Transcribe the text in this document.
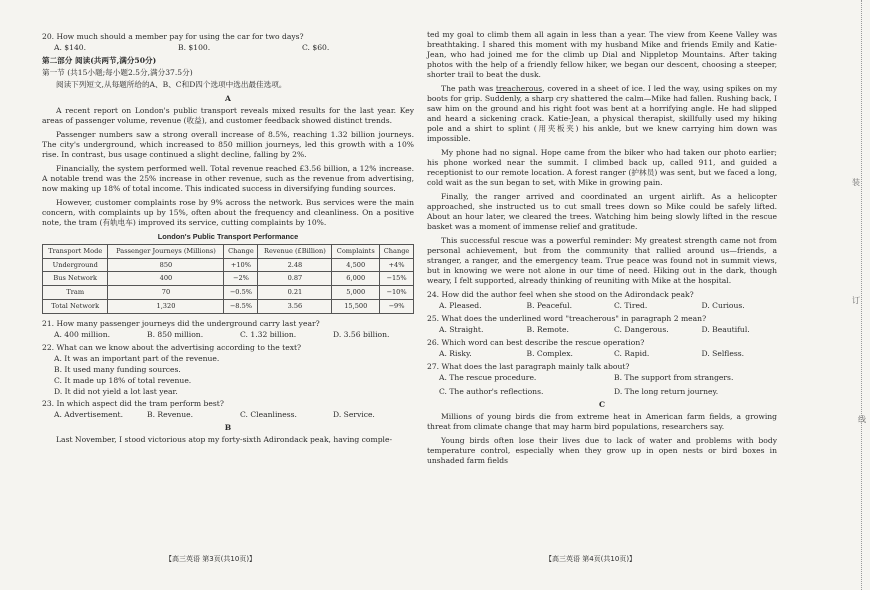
20. How much should a member pay for using the car for two days?

A. $140.	B. $100.	C. $60.

第二部分 阅读(共两节,满分50分)

第一节 (共15小题;每小题2.5分,满分37.5分)

阅读下列短文,从每题所给的A、B、C和D四个选项中选出最佳选项。

A

A recent report on London's public transport reveals mixed results for the last year. Key areas of passenger volume, revenue (收益), and customer feedback showed distinct trends.

Passenger numbers saw a strong overall increase of 8.5%, reaching 1.32 billion journeys. The city's underground, which increased to 850 million journeys, led this growth with a 10% rise. In contrast, bus usage continued a slight decline, falling by 2%.

Financially, the system performed well. Total revenue reached £3.56 billion, a 12% increase. A notable trend was the 25% increase in other revenue, such as the revenue from advertising, now making up 18% of total income. This indicated success in diversifying funding sources.

However, customer complaints rose by 9% across the network. Bus services were the main concern, with complaints up by 15%, often about the frequency and cleanliness. On a positive note, the tram (有轨电车) improved its service, cutting complaints by 10%.

London's Public Transport Performance
Transport Mode	Passenger Journeys (Millions)	Change	Revenue (£Billion)	Complaints	Change
Underground	850	+10%	2.48	4,500	+4%
Bus Network	400	−2%	0.87	6,000	−15%
Tram	70	−0.5%	0.21	5,000	−10%
Total Network	1,320	−8.5%	3.56	15,500	−9%

21. How many passenger journeys did the underground carry last year?

A. 400 million.	B. 850 million.	C. 1.32 billion.	D. 3.56 billion.

22. What can we know about the advertising according to the text?

A. It was an important part of the revenue.
B. It used many funding sources.
C. It made up 18% of total revenue.
D. It did not yield a lot last year.

23. In which aspect did the tram perform best?

A. Advertisement.	B. Revenue.	C. Cleanliness.	D. Service.
B

Last November, I stood victorious atop my forty-sixth Adirondack peak, having comple-

ted my goal to climb them all again in less than a year. The view from Keene Valley was breathtaking. I shared this moment with my husband Mike and friends Emily and Katie-Jean, who had joined me for the climb up Dial and Nippletop Mountains. After taking photos with the help of a friendly fellow hiker, we began our descent, choosing a steeper, shorter trail to beat the dusk.

The path was treacherous, covered in a sheet of ice. I led the way, using spikes on my boots for grip. Suddenly, a sharp cry shattered the calm—Mike had fallen. Rushing back, I saw him on the ground and his right foot was bent at a horrifying angle. He had slipped and heard a sickening crack. Katie-Jean, a physical therapist, skillfully used my hiking pole and a shirt to splint (用夹板夹) his ankle, but we knew carrying him down was impossible.

My phone had no signal. Hope came from the biker who had taken our photo earlier; his phone worked near the summit. I climbed back up, called 911, and guided a receptionist to our remote location. A forest ranger (护林员) was sent, but we faced a long, cold wait as the sun began to set, with Mike in growing pain.

Finally, the ranger arrived and coordinated an urgent airlift. As a helicopter approached, she instructed us to cut small trees down so Mike could be safely lifted. About an hour later, we cleared the trees. Watching him being slowly lifted in the rescue basket was a moment of immense relief and gratitude.

This successful rescue was a powerful reminder: My greatest strength came not from personal achievement, but from the community that rallied around us—friends, a stranger, a ranger, and the emergency team. True peace was found not in summit views, but in knowing we were not alone in our time of need. Hiking out in the dark, though weary, I felt supported, already thinking of reuniting with Mike at the hospital.

24. How did the author feel when she stood on the Adirondack peak?

A. Pleased.	B. Peaceful.	C. Tired.	D. Curious.

25. What does the underlined word "treacherous" in paragraph 2 mean?

A. Straight.	B. Remote.	C. Dangerous.	D. Beautiful.

26. Which word can best describe the rescue operation?

A. Risky.	B. Complex.	C. Rapid.	D. Selfless.

27. What does the last paragraph mainly talk about?

A. The rescue procedure.	B. The support from strangers.
C. The author's reflections.	D. The long return journey.
C

Millions of young birds die from extreme heat in American farm fields, a growing threat from climate change that may harm bird populations, researchers say.

Young birds often lose their lives due to lack of water and problems with body temperature control, especially when they grow up in open nests or bird boxes in unshaded farm fields

【高三英语 第3页(共10页)】	【高三英语 第4页(共10页)】
装
订
线
